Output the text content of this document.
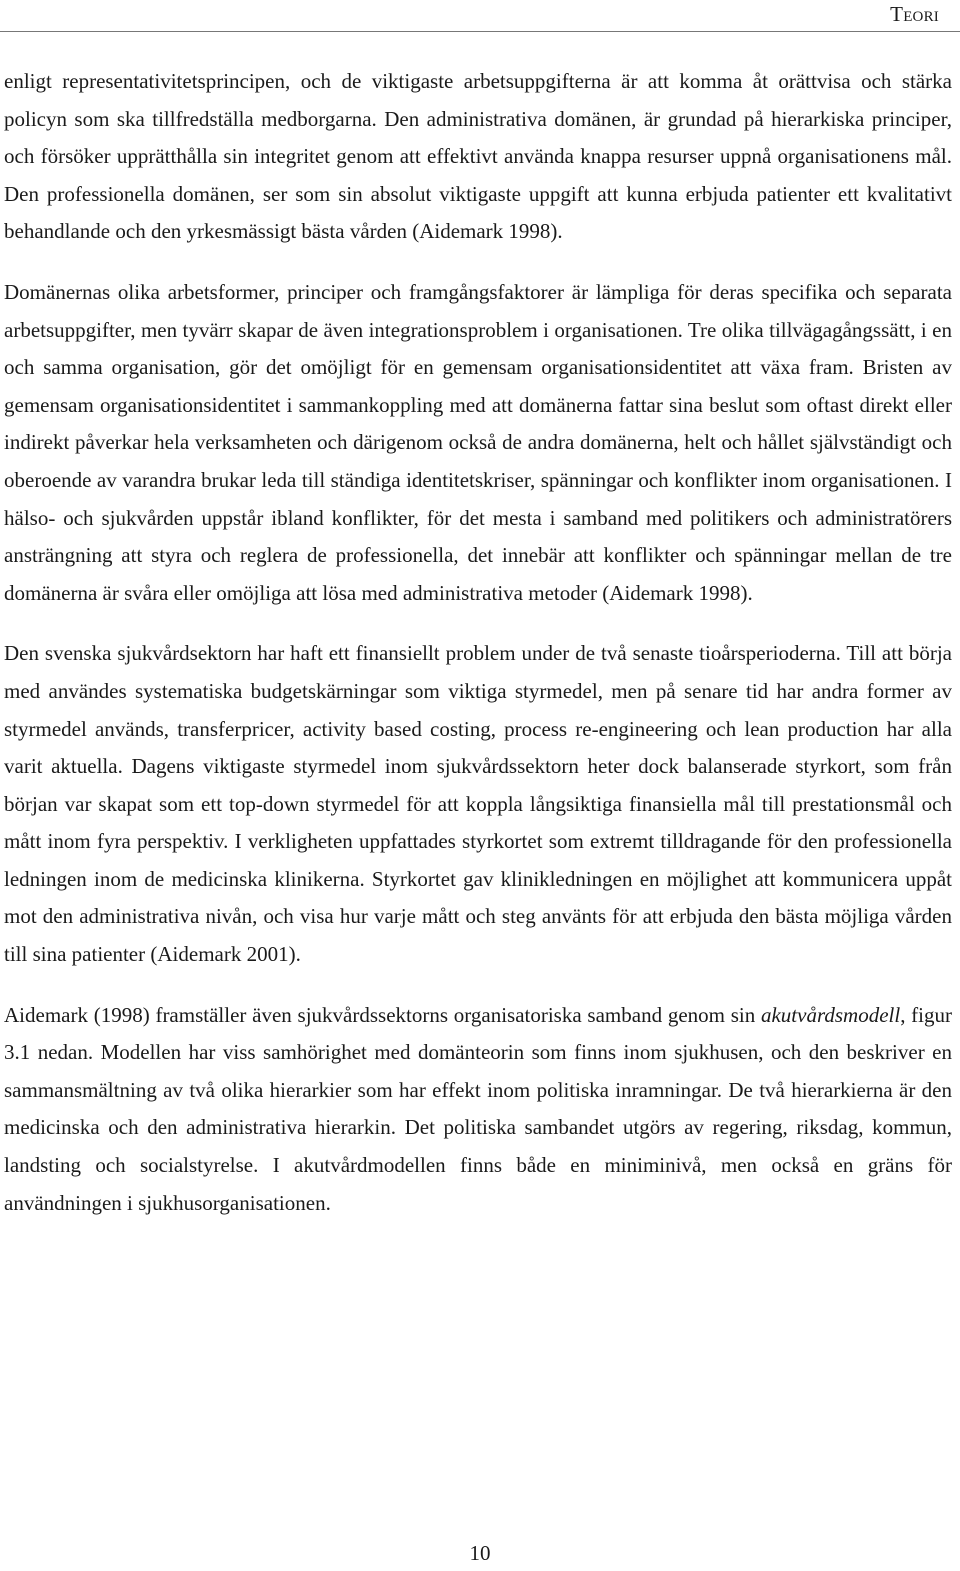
Teori

enligt representativitetsprincipen, och de viktigaste arbetsuppgifterna är att komma åt orättvisa och stärka policyn som ska tillfredställa medborgarna. Den administrativa domänen, är grundad på hierarkiska principer, och försöker upprätthålla sin integritet genom att effektivt använda knappa resurser uppnå organisationens mål. Den professionella domänen, ser som sin absolut viktigaste uppgift att kunna erbjuda patienter ett kvalitativt behandlande och den yrkesmässigt bästa vården (Aidemark 1998).

Domänernas olika arbetsformer, principer och framgångsfaktorer är lämpliga för deras specifika och separata arbetsuppgifter, men tyvärr skapar de även integrationsproblem i organisationen. Tre olika tillvägagångssätt, i en och samma organisation, gör det omöjligt för en gemensam organisationsidentitet att växa fram. Bristen av gemensam organisationsidentitet i sammankoppling med att domänerna fattar sina beslut som oftast direkt eller indirekt påverkar hela verksamheten och därigenom också de andra domänerna, helt och hållet självständigt och oberoende av varandra brukar leda till ständiga identitetskriser, spänningar och konflikter inom organisationen. I hälso- och sjukvården uppstår ibland konflikter, för det mesta i samband med politikers och administratörers ansträngning att styra och reglera de professionella, det innebär att konflikter och spänningar mellan de tre domänerna är svåra eller omöjliga att lösa med administrativa metoder (Aidemark 1998).

Den svenska sjukvårdsektorn har haft ett finansiellt problem under de två senaste tioårsperioderna. Till att börja med användes systematiska budgetskärningar som viktiga styrmedel, men på senare tid har andra former av styrmedel används, transferpricer, activity based costing, process re-engineering och lean production har alla varit aktuella. Dagens viktigaste styrmedel inom sjukvårdssektorn heter dock balanserade styrkort, som från början var skapat som ett top-down styrmedel för att koppla långsiktiga finansiella mål till prestationsmål och mått inom fyra perspektiv. I verkligheten uppfattades styrkortet som extremt tilldragande för den professionella ledningen inom de medicinska klinikerna. Styrkortet gav klinikledningen en möjlighet att kommunicera uppåt mot den administrativa nivån, och visa hur varje mått och steg använts för att erbjuda den bästa möjliga vården till sina patienter (Aidemark 2001).

Aidemark (1998) framställer även sjukvårdssektorns organisatoriska samband genom sin akutvårdsmodell, figur 3.1 nedan. Modellen har viss samhörighet med domänteorin som finns inom sjukhusen, och den beskriver en sammansmältning av två olika hierarkier som har effekt inom politiska inramningar. De två hierarkierna är den medicinska och den administrativa hierarkin. Det politiska sambandet utgörs av regering, riksdag, kommun, landsting och socialstyrelse. I akutvårdmodellen finns både en miniminivå, men också en gräns för användningen i sjukhusorganisationen.

10
